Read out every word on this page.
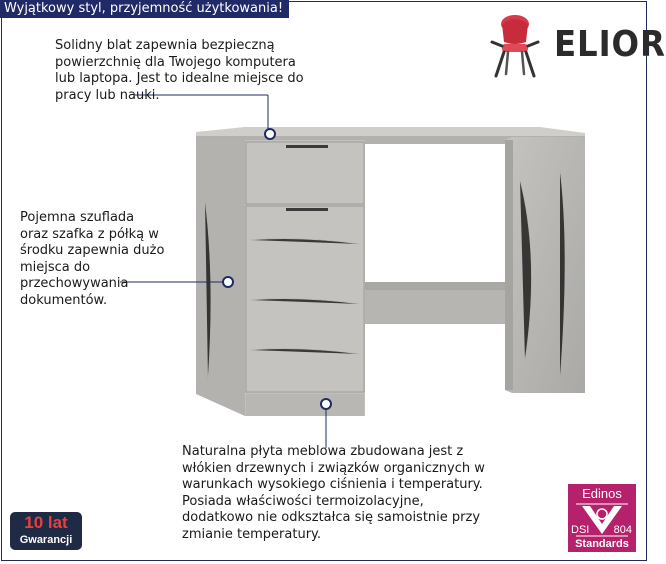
Wyjątkowy styl, przyjemność użytkowania!
ELIOR
Solidny blat zapewnia bezpieczną
powierzchnię dla Twojego komputera
lub laptopa. Jest to idealne miejsce do
pracy lub nauki.
Pojemna szuflada
oraz szafka z półką w
środku zapewnia dużo
miejsca do
przechowywania
dokumentów.
Naturalna płyta meblowa zbudowana jest z
włókien drzewnych i związków organicznych w
warunkach wysokiego ciśnienia i temperatury.
Posiada właściwości termoizolacyjne,
dodatkowo nie odkształca się samoistnie przy
zmianie temperatury.
10 lat
Gwarancji
Edinos
DSI 804
Standards
